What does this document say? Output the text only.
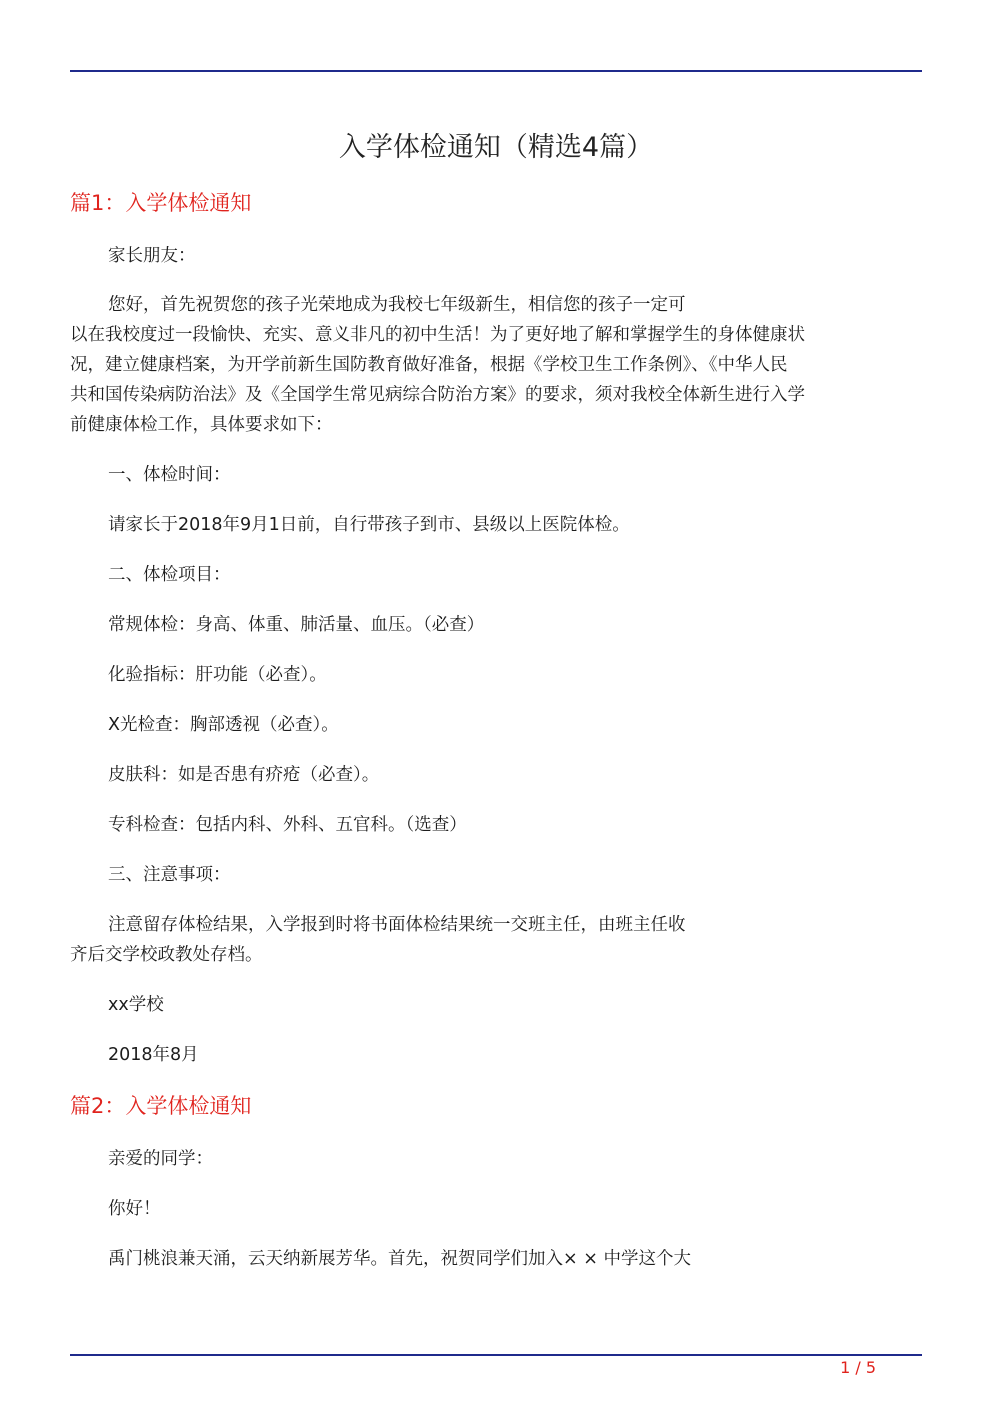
入学体检通知（精选4篇）
篇1：入学体检通知
家长朋友：
您好，首先祝贺您的孩子光荣地成为我校七年级新生，相信您的孩子一定可
以在我校度过一段愉快、充实、意义非凡的初中生活！为了更好地了解和掌握学生的身体健康状
况，建立健康档案，为开学前新生国防教育做好准备，根据《学校卫生工作条例》、《中华人民
共和国传染病防治法》及《全国学生常见病综合防治方案》的要求，须对我校全体新生进行入学
前健康体检工作，具体要求如下：
一、体检时间：
请家长于2018年9月1日前，自行带孩子到市、县级以上医院体检。
二、体检项目：
常规体检：身高、体重、肺活量、血压。（必查）
化验指标：肝功能（必查）。
X光检查：胸部透视（必查）。
皮肤科：如是否患有疥疮（必查）。
专科检查：包括内科、外科、五官科。（选查）
三、注意事项：
注意留存体检结果，入学报到时将书面体检结果统一交班主任，由班主任收
齐后交学校政教处存档。
xx学校
2018年8月
篇2：入学体检通知
亲爱的同学：
你好！
禹门桃浪兼天涌，云天纳新展芳华。首先，祝贺同学们加入× × 中学这个大
1 / 5
